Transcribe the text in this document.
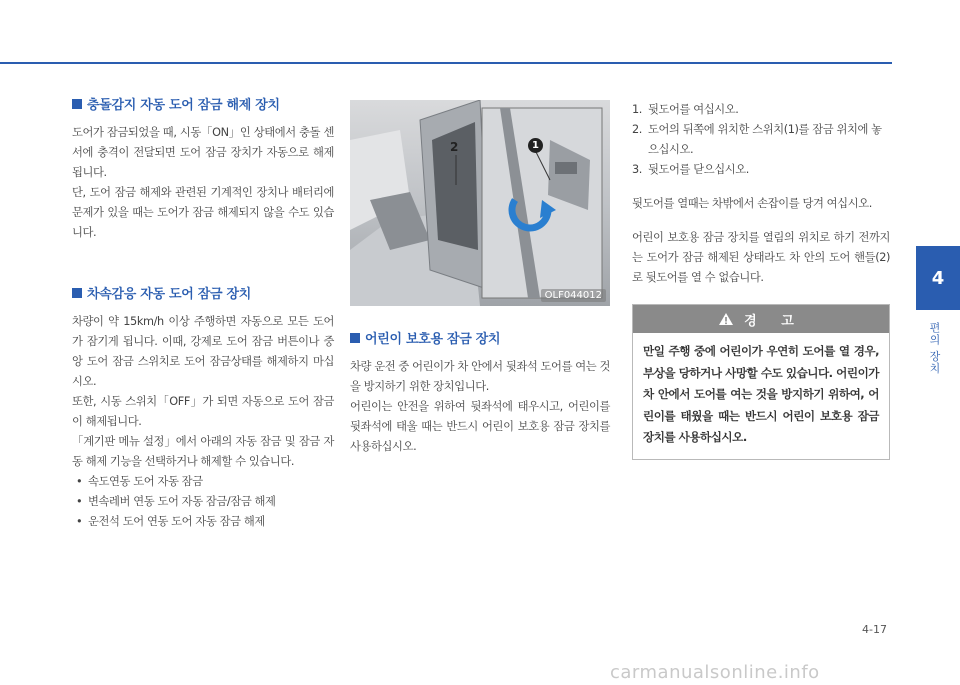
충돌감지 자동 도어 잠금 해제 장치

도어가 잠금되었을 때, 시동「ON」인 상태에서 충돌 센서에 충격이 전달되면 도어 잠금 장치가 자동으로 해제됩니다.

단, 도어 잠금 해제와 관련된 기계적인 장치나 배터리에 문제가 있을 때는 도어가 잠금 해제되지 않을 수도 있습니다.

차속감응 자동 도어 잠금 장치

차량이 약 15km/h 이상 주행하면 자동으로 모든 도어가 잠기게 됩니다. 이때, 강제로 도어 잠금 버튼이나 중앙 도어 잠금 스위치로 도어 잠금상태를 해제하지 마십시오.

또한, 시동 스위치「OFF」가 되면 자동으로 도어 잠금이 해제됩니다.

「계기판 메뉴 설정」에서 아래의 자동 잠금 및 잠금 자동 해제 기능을 선택하거나 해제할 수 있습니다.

• 속도연동 도어 자동 잠금
• 변속레버 연동 도어 자동 잠금/잠금 해제
• 운전석 도어 연동 도어 자동 잠금 해제
2	1
OLF044012
어린이 보호용 잠금 장치

차량 운전 중 어린이가 차 안에서 뒷좌석 도어를 여는 것을 방지하기 위한 장치입니다.

어린이는 안전을 위하여 뒷좌석에 태우시고, 어린이를 뒷좌석에 태울 때는 반드시 어린이 보호용 잠금 장치를 사용하십시오.

1. 뒷도어를 여십시오.
2. 도어의 뒤쪽에 위치한 스위치(1)를 잠금 위치에 놓으십시오.
3. 뒷도어를 닫으십시오.

뒷도어를 열때는 차밖에서 손잡이를 당겨 여십시오.

어린이 보호용 잠금 장치를 열림의 위치로 하기 전까지는 도어가 잠금 해제된 상태라도 차 안의 도어 핸들(2)로 뒷도어를 열 수 없습니다.

경 고
만일 주행 중에 어린이가 우연히 도어를 열 경우, 부상을 당하거나 사망할 수도 있습니다. 어린이가 차 안에서 도어를 여는 것을 방지하기 위하여, 어린이를 태웠을 때는 반드시 어린이 보호용 잠금 장치를 사용하십시오.
4
편의 장치
4-17
carmanualsonline.info
